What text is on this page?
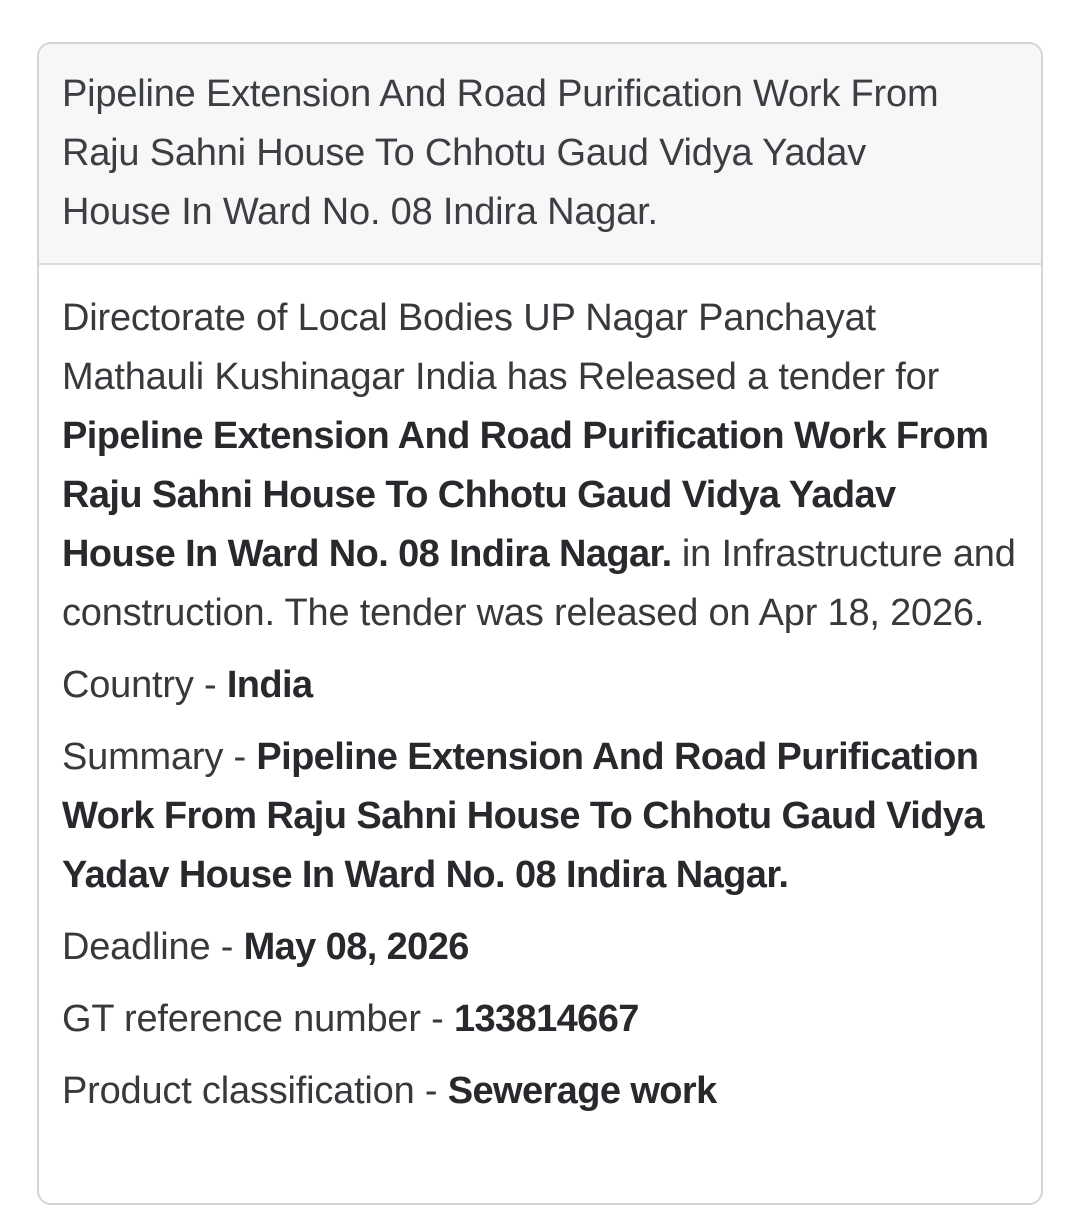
Pipeline Extension And Road Purification Work From Raju Sahni House To Chhotu Gaud Vidya Yadav House In Ward No. 08 Indira Nagar.

Directorate of Local Bodies UP Nagar Panchayat Mathauli Kushinagar India has Released a tender for Pipeline Extension And Road Purification Work From Raju Sahni House To Chhotu Gaud Vidya Yadav House In Ward No. 08 Indira Nagar. in Infrastructure and construction. The tender was released on Apr 18, 2026.

Country - India

Summary - Pipeline Extension And Road Purification Work From Raju Sahni House To Chhotu Gaud Vidya Yadav House In Ward No. 08 Indira Nagar.

Deadline - May 08, 2026

GT reference number - 133814667

Product classification - Sewerage work
